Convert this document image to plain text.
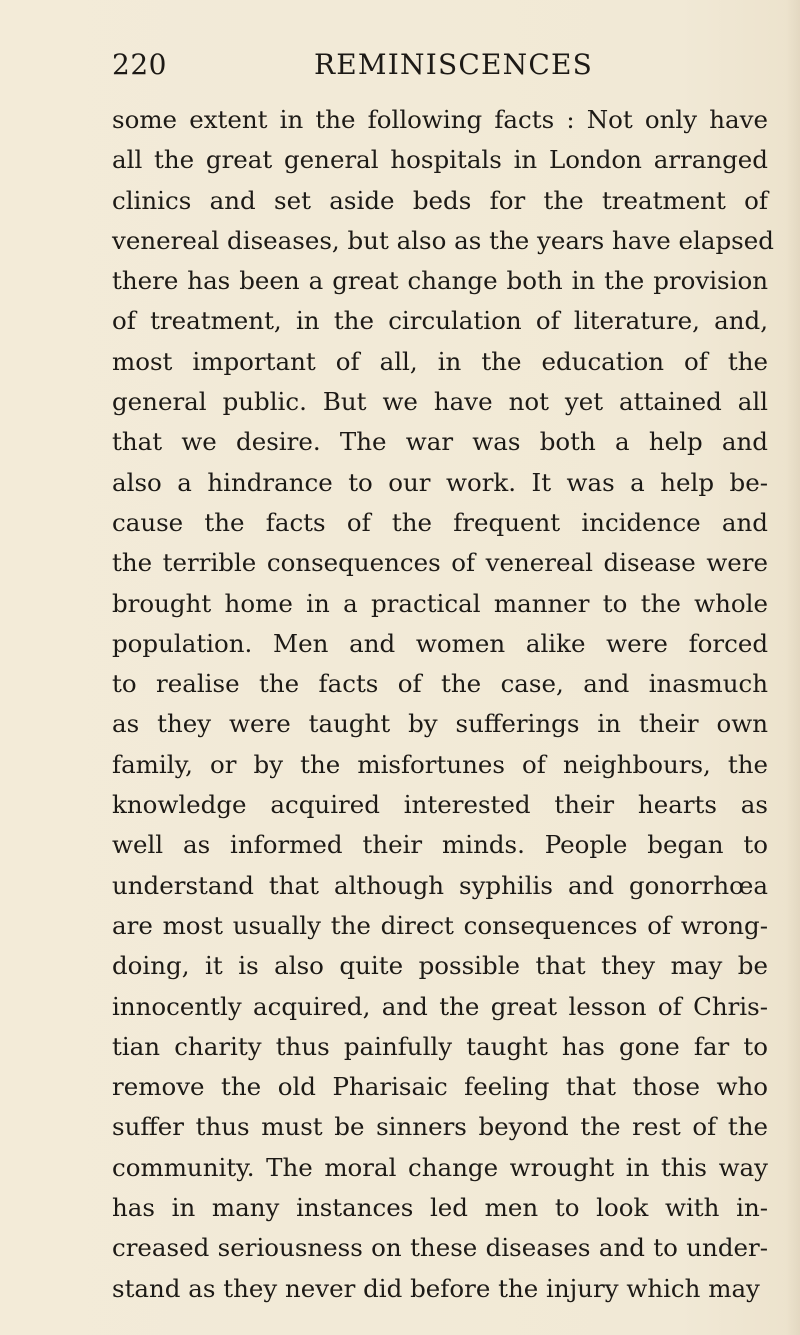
220	REMINISCENCES
some extent in the following facts : Not only have
all the great general hospitals in London arranged
clinics and set aside beds for the treatment of
venereal diseases, but also as the years have elapsed
there has been a great change both in the provision
of treatment, in the circulation of literature, and,
most important of all, in the education of the
general public. But we have not yet attained all
that we desire. The war was both a help and
also a hindrance to our work. It was a help be-
cause the facts of the frequent incidence and
the terrible consequences of venereal disease were
brought home in a practical manner to the whole
population. Men and women alike were forced
to realise the facts of the case, and inasmuch
as they were taught by sufferings in their own
family, or by the misfortunes of neighbours, the
knowledge acquired interested their hearts as
well as informed their minds. People began to
understand that although syphilis and gonorrhœa
are most usually the direct consequences of wrong-
doing, it is also quite possible that they may be
innocently acquired, and the great lesson of Chris-
tian charity thus painfully taught has gone far to
remove the old Pharisaic feeling that those who
suffer thus must be sinners beyond the rest of the
community. The moral change wrought in this way
has in many instances led men to look with in-
creased seriousness on these diseases and to under-
stand as they never did before the injury which may
